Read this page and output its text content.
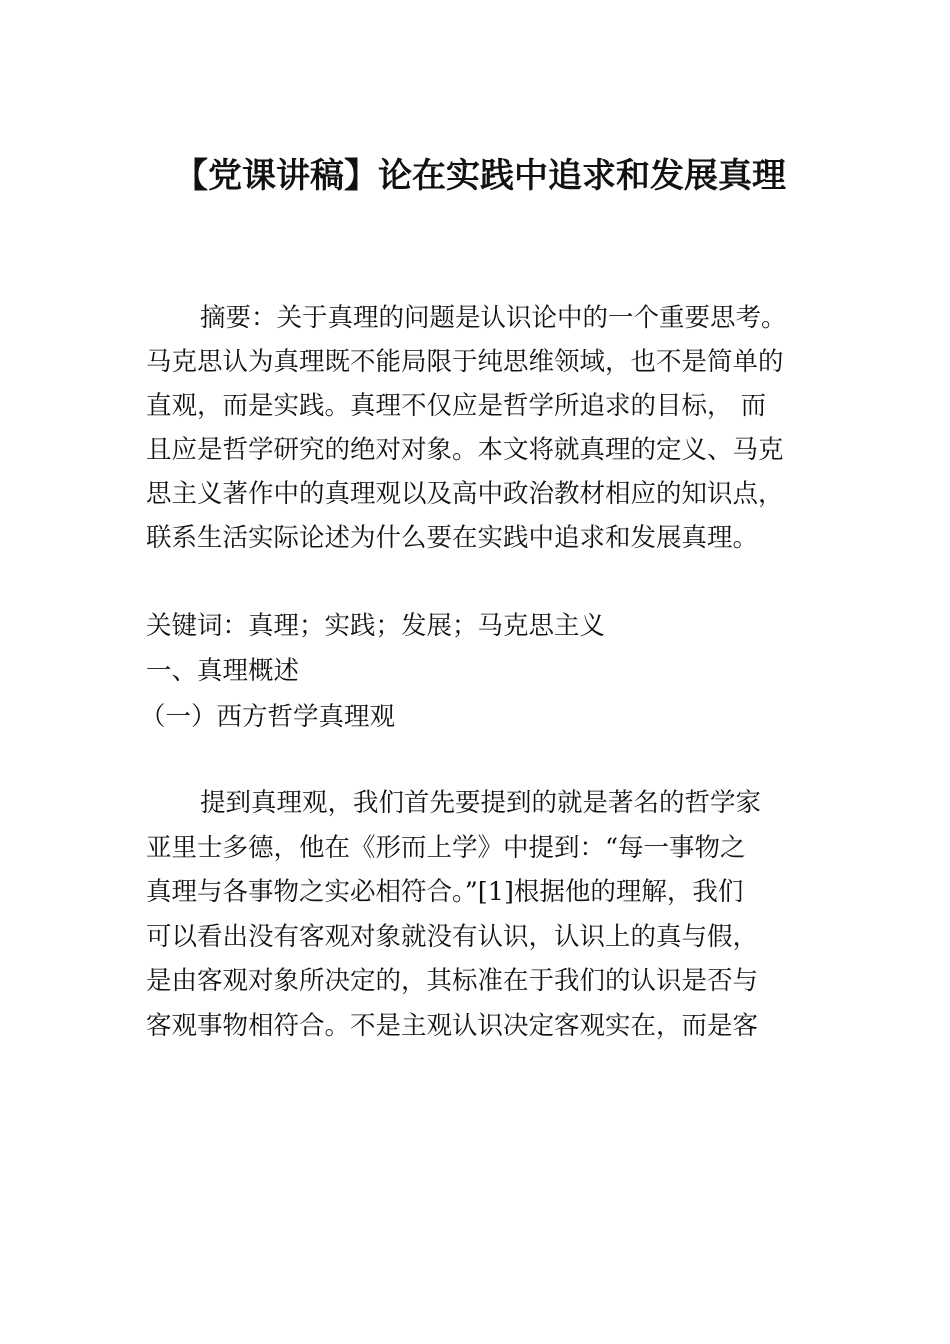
【党课讲稿】论在实践中追求和发展真理
摘要：关于真理的问题是认识论中的一个重要思考。
马克思认为真理既不能局限于纯思维领域，也不是简单的
直观，而是实践。真理不仅应是哲学所追求的目标， 而
且应是哲学研究的绝对对象。本文将就真理的定义、马克
思主义著作中的真理观以及高中政治教材相应的知识点，
联系生活实际论述为什么要在实践中追求和发展真理。
关键词：真理；实践；发展；马克思主义
一、真理概述
（一）西方哲学真理观
提到真理观，我们首先要提到的就是著名的哲学家
亚里士多德，他在《形而上学》中提到：“每一事物之
真理与各事物之实必相符合。”[1]根据他的理解，我们
可以看出没有客观对象就没有认识，认识上的真与假，
是由客观对象所决定的，其标准在于我们的认识是否与
客观事物相符合。不是主观认识决定客观实在，而是客
